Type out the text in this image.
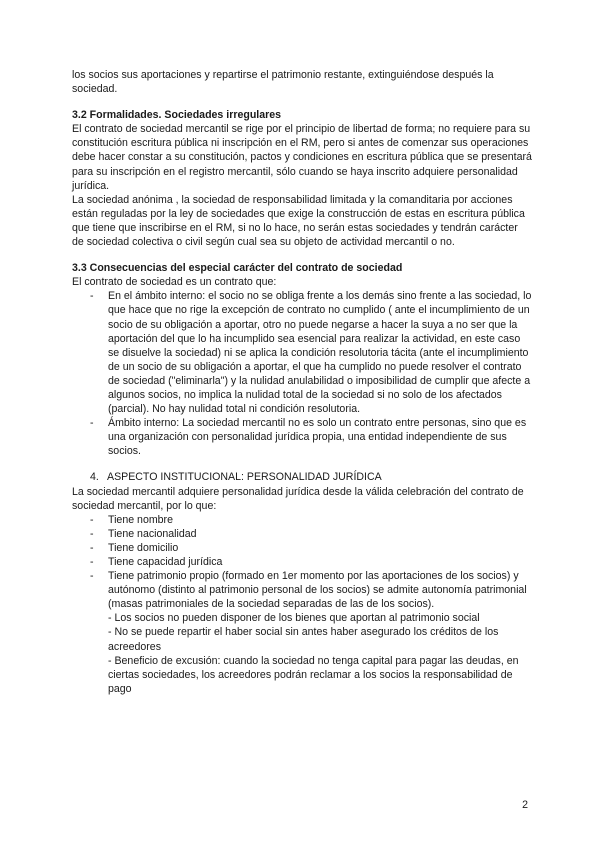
los socios sus aportaciones y repartirse el patrimonio restante, extinguiéndose después la sociedad.

3.2 Formalidades. Sociedades irregulares

El contrato de sociedad mercantil se rige por el principio de libertad de forma; no requiere para su constitución escritura pública ni inscripción en el RM, pero si antes de comenzar sus operaciones debe hacer constar a su constitución, pactos y condiciones en escritura pública que se presentará para su inscripción en el registro mercantil, sólo cuando se haya inscrito adquiere personalidad jurídica.

La sociedad anónima , la sociedad de responsabilidad limitada y la comanditaria por acciones están reguladas por la ley de sociedades que exige la construcción de estas en escritura pública que tiene que inscribirse en el RM, si no lo hace, no serán estas sociedades y tendrán carácter de sociedad colectiva o civil según cual sea su objeto de actividad mercantil o no.

3.3 Consecuencias del especial carácter del contrato de sociedad

El contrato de sociedad es un contrato que:

- En el ámbito interno: el socio no se obliga frente a los demás sino frente a las sociedad, lo que hace que no rige la excepción de contrato no cumplido ( ante el incumplimiento de un socio de su obligación a aportar, otro no puede negarse a hacer la suya a no ser que la aportación del que lo ha incumplido sea esencial para realizar la actividad, en este caso se disuelve la sociedad) ni se aplica la condición resolutoria tácita (ante el incumplimiento de un socio de su obligación a aportar, el que ha cumplido no puede resolver el contrato de sociedad ("eliminarla") y la nulidad anulabilidad o imposibilidad de cumplir que afecte a algunos socios, no implica la nulidad total de la sociedad si no solo de los afectados (parcial). No hay nulidad total ni condición resolutoria.
- Ámbito interno: La sociedad mercantil no es solo un contrato entre personas, sino que es una organización con personalidad jurídica propia, una entidad independiente de sus socios.

4. ASPECTO INSTITUCIONAL: PERSONALIDAD JURÍDICA

La sociedad mercantil adquiere personalidad jurídica desde la válida celebración del contrato de sociedad mercantil, por lo que:

- Tiene nombre
- Tiene nacionalidad
- Tiene domicilio
- Tiene capacidad jurídica
- Tiene patrimonio propio (formado en 1er momento por las aportaciones de los socios) y autónomo (distinto al patrimonio personal de los socios) se admite autonomía patrimonial (masas patrimoniales de la sociedad separadas de las de los socios).

- Los socios no pueden disponer de los bienes que aportan al patrimonio social

- No se puede repartir el haber social sin antes haber asegurado los créditos de los acreedores

- Beneficio de excusión: cuando la sociedad no tenga capital para pagar las deudas, en ciertas sociedades, los acreedores podrán reclamar a los socios la responsabilidad de pago

2
